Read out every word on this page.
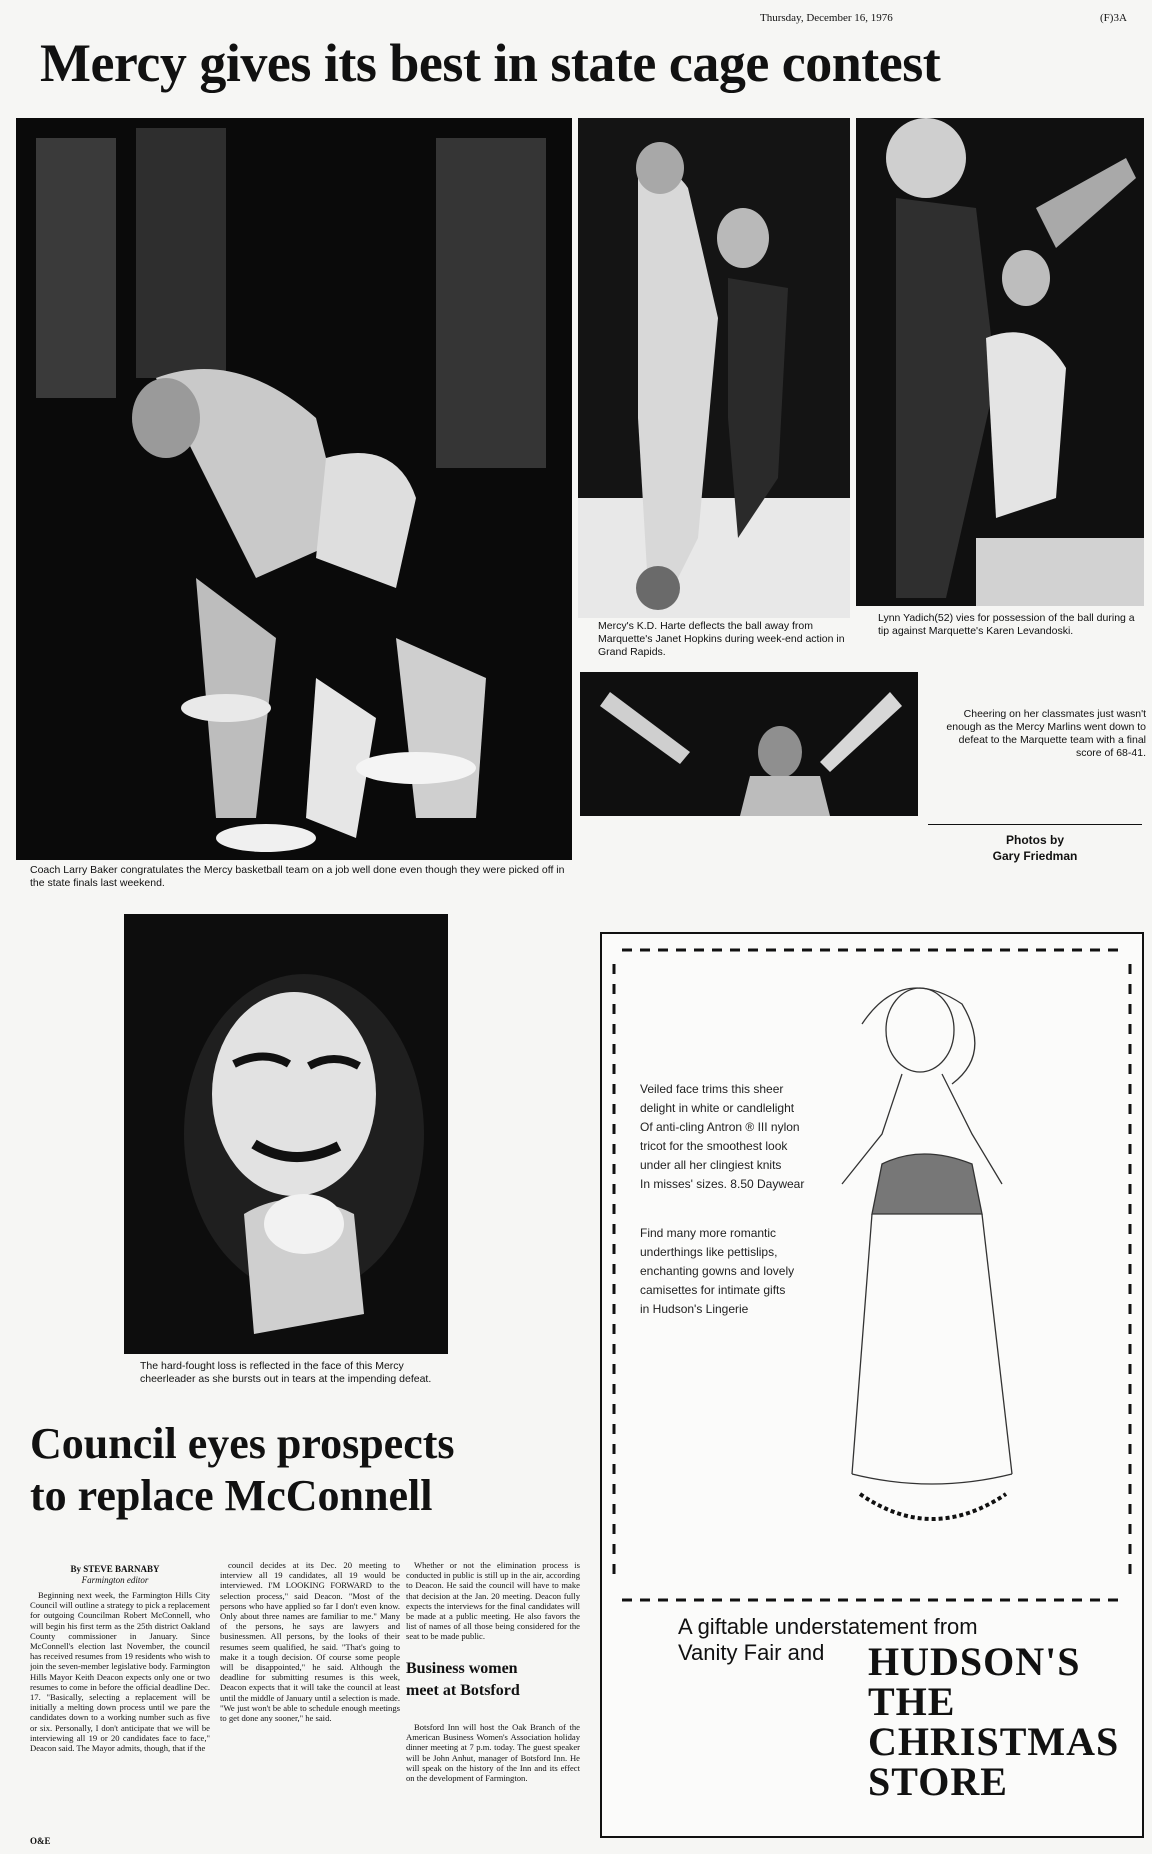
Thursday, December 16, 1976	(F)3A
Mercy gives its best in state cage contest
Coach Larry Baker congratulates the Mercy basketball team on a job well done even though they were picked off in the state finals last weekend.
Mercy's K.D. Harte deflects the ball away from Marquette's Janet Hopkins during week-end action in Grand Rapids.
Lynn Yadich(52) vies for possession of the ball during a tip against Marquette's Karen Levandoski.
Cheering on her classmates just wasn't enough as the Mercy Marlins went down to defeat to the Marquette team with a final score of 68-41.
Photos by
Gary Friedman
The hard-fought loss is reflected in the face of this Mercy cheerleader as she bursts out in tears at the impending defeat.
Council eyes prospects
to replace McConnell
By STEVE BARNABY
Farmington editor

Beginning next week, the Farmington Hills City Council will outline a strategy to pick a replacement for outgoing Councilman Robert McConnell, who will begin his first term as the 25th district Oakland County commissioner in January. Since McConnell's election last November, the council has received resumes from 19 residents who wish to join the seven-member legislative body. Farmington Hills Mayor Keith Deacon expects only one or two resumes to come in before the official deadline Dec. 17. "Basically, selecting a replacement will be initially a melting down process until we pare the candidates down to a working number such as five or six. Personally, I don't anticipate that we will be interviewing all 19 or 20 candidates face to face," Deacon said. The Mayor admits, though, that if the

council decides at its Dec. 20 meeting to interview all 19 candidates, all 19 would be interviewed. I'M LOOKING FORWARD to the selection process," said Deacon. "Most of the persons who have applied so far I don't even know. Only about three names are familiar to me." Many of the persons, he says are lawyers and businessmen. All persons, by the looks of their resumes seem qualified, he said. "That's going to make it a tough decision. Of course some people will be disappointed," he said. Although the deadline for submitting resumes is this week, Deacon expects that it will take the council at least until the middle of January until a selection is made. "We just won't be able to schedule enough meetings to get done any sooner," he said.

Whether or not the elimination process is conducted in public is still up in the air, according to Deacon. He said the council will have to make that decision at the Jan. 20 meeting. Deacon fully expects the interviews for the final candidates will be made at a public meeting. He also favors the list of names of all those being considered for the seat to be made public.

Business women
meet at Botsford

Botsford Inn will host the Oak Branch of the American Business Women's Association holiday dinner meeting at 7 p.m. today. The guest speaker will be John Anhut, manager of Botsford Inn. He will speak on the history of the Inn and its effect on the development of Farmington.

O&E
Veiled face trims this sheer
delight in white or candlelight
Of anti-cling Antron ® III nylon
tricot for the smoothest look
under all her clingiest knits
In misses' sizes. 8.50 Daywear
Find many more romantic
underthings like pettislips,
enchanting gowns and lovely
camisettes for intimate gifts
in Hudson's Lingerie
A giftable understatement from
Vanity Fair and	HUDSON'S
THE
CHRISTMAS
STORE
